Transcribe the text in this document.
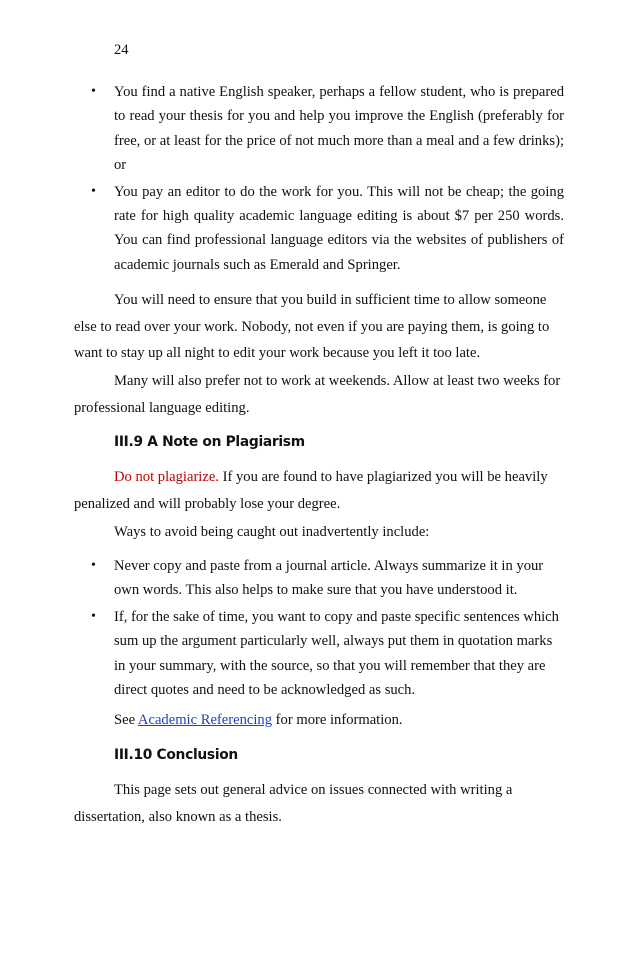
24
• You find a native English speaker, perhaps a fellow student, who is prepared to read your thesis for you and help you improve the English (preferably for free, or at least for the price of not much more than a meal and a few drinks); or
• You pay an editor to do the work for you. This will not be cheap; the going rate for high quality academic language editing is about $7 per 250 words. You can find professional language editors via the websites of publishers of academic journals such as Emerald and Springer.

You will need to ensure that you build in sufficient time to allow someone else to read over your work. Nobody, not even if you are paying them, is going to want to stay up all night to edit your work because you left it too late.

Many will also prefer not to work at weekends. Allow at least two weeks for professional language editing.

III.9 A Note on Plagiarism

Do not plagiarize. If you are found to have plagiarized you will be heavily penalized and will probably lose your degree.

Ways to avoid being caught out inadvertently include:

• Never copy and paste from a journal article. Always summarize it in your own words. This also helps to make sure that you have understood it.
• If, for the sake of time, you want to copy and paste specific sentences which sum up the argument particularly well, always put them in quotation marks in your summary, with the source, so that you will remember that they are direct quotes and need to be acknowledged as such.

See Academic Referencing for more information.

III.10 Conclusion

This page sets out general advice on issues connected with writing a dissertation, also known as a thesis.
